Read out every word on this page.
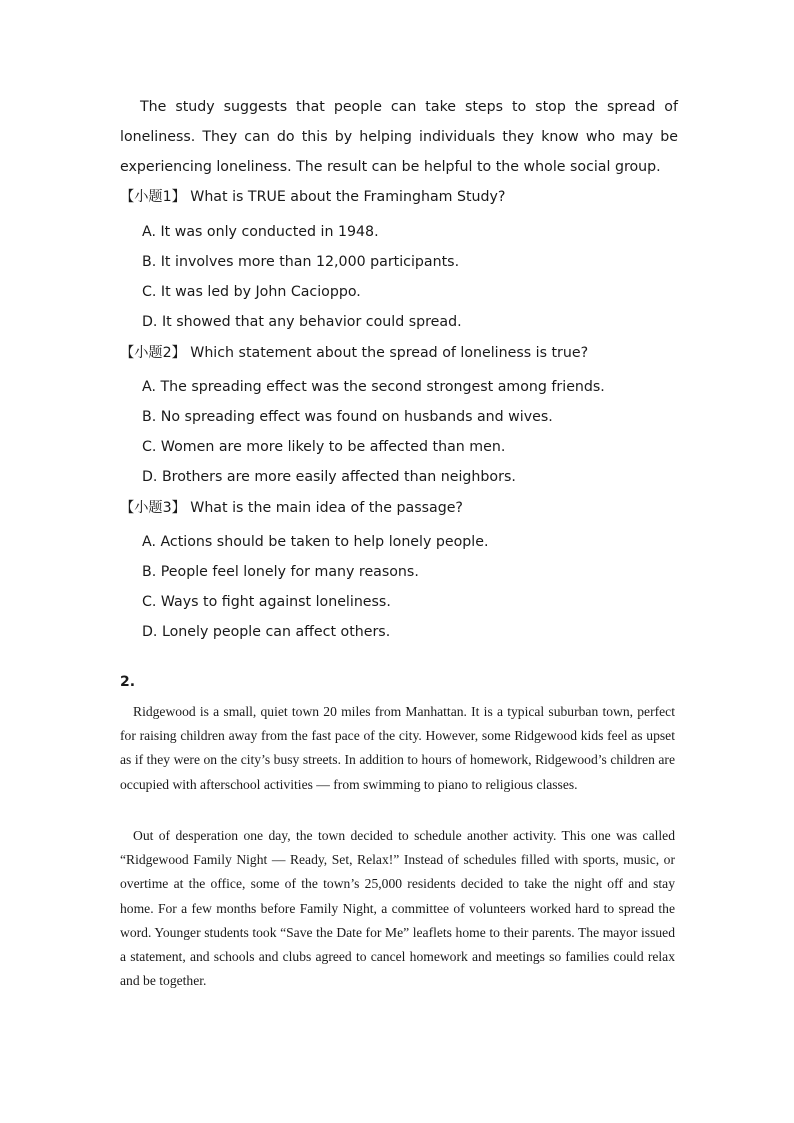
The study suggests that people can take steps to stop the spread of loneliness. They can do this by helping individuals they know who may be experiencing loneliness. The result can be helpful to the whole social group.

【小题1】 What is TRUE about the Framingham Study?

A. It was only conducted in 1948.

B. It involves more than 12,000 participants.

C. It was led by John Cacioppo.

D. It showed that any behavior could spread.

【小题2】 Which statement about the spread of loneliness is true?

A. The spreading effect was the second strongest among friends.

B. No spreading effect was found on husbands and wives.

C. Women are more likely to be affected than men.

D. Brothers are more easily affected than neighbors.

【小题3】 What is the main idea of the passage?

A. Actions should be taken to help lonely people.

B. People feel lonely for many reasons.

C. Ways to fight against loneliness.

D. Lonely people can affect others.

2.

Ridgewood is a small, quiet town 20 miles from Manhattan. It is a typical suburban town, perfect for raising children away from the fast pace of the city. However, some Ridgewood kids feel as upset as if they were on the city’s busy streets. In addition to hours of homework, Ridgewood’s children are occupied with afterschool activities — from swimming to piano to religious classes.

Out of desperation one day, the town decided to schedule another activity. This one was called “Ridgewood Family Night — Ready, Set, Relax!” Instead of schedules filled with sports, music, or overtime at the office, some of the town’s 25,000 residents decided to take the night off and stay home. For a few months before Family Night, a committee of volunteers worked hard to spread the word. Younger students took “Save the Date for Me” leaflets home to their parents. The mayor issued a statement, and schools and clubs agreed to cancel homework and meetings so families could relax and be together.
